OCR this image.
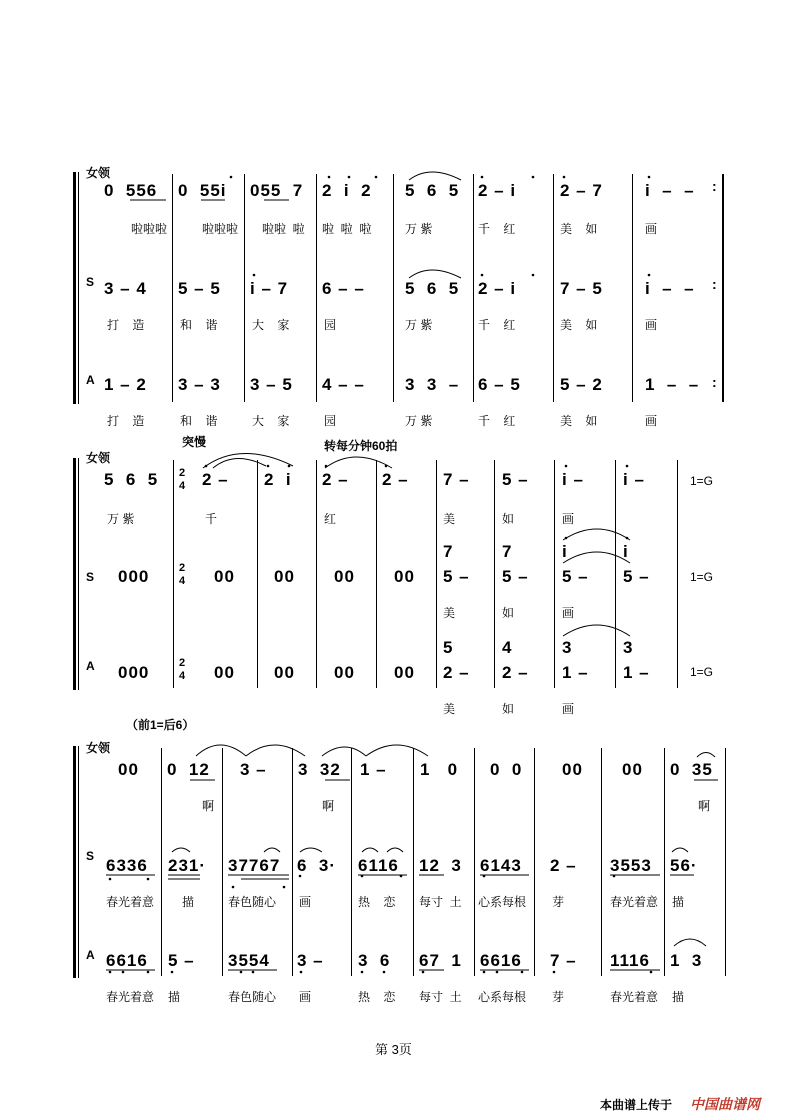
女领
S
A
:
:
:
0  556 0  55i 055  7 2  i  2 5  6  5 2 – i	2 – 7 i  –  –
啦啦啦	啦啦啦 啦啦  啦 啦  啦  啦	万 紫	千    红	美    如	画
3 – 4 5 – 5 i – 7 6 – – 5  6  5 2 – i	7 – 5 i  –  –
打    造	和    谐	大    家	园	万 紫	千    红	美    如	画
1 – 2 3 – 3 3 – 5 4 – – 3  3  – 6 – 5 5 – 2 1  –  –
打    造	和    谐	大    家	园	万 紫	千    红	美    如	画
女领
S
A
突慢	转每分钟60拍
2
4
2
4
2
4
1=G
1=G
1=G
5  6  5	2 – 2  i 2 – 2 – 7 – 5 – i – i –
万 紫	千	红	美	如	画
7	7	i	i
000	00 00 00 00 5 – 5 – 5 – 5 –
美	如	画
5	4	3	3
000	00 00 00 00 2 – 2 – 1 – 1 –
美	如	画
（前1=后6）
女领
S
A
00 0  12 3 – 3  32 1 – 1   0 0  0 00 00 0  35
啊	啊	啊
6336 231· 37767 6  3· 6116 12  3 6143 2 – 3553 56·
春光着意 描	春色随心 画	热    恋 每寸  土 心系每根 芽	春光着意 描
6616 5 – 3554 3 – 3  6 67  1 6616 7 – 1116 1  3
春光着意 描	春色随心 画	热    恋 每寸  土 心系每根 芽	春光着意 描
第 3页
本曲谱上传于 中国曲谱网
